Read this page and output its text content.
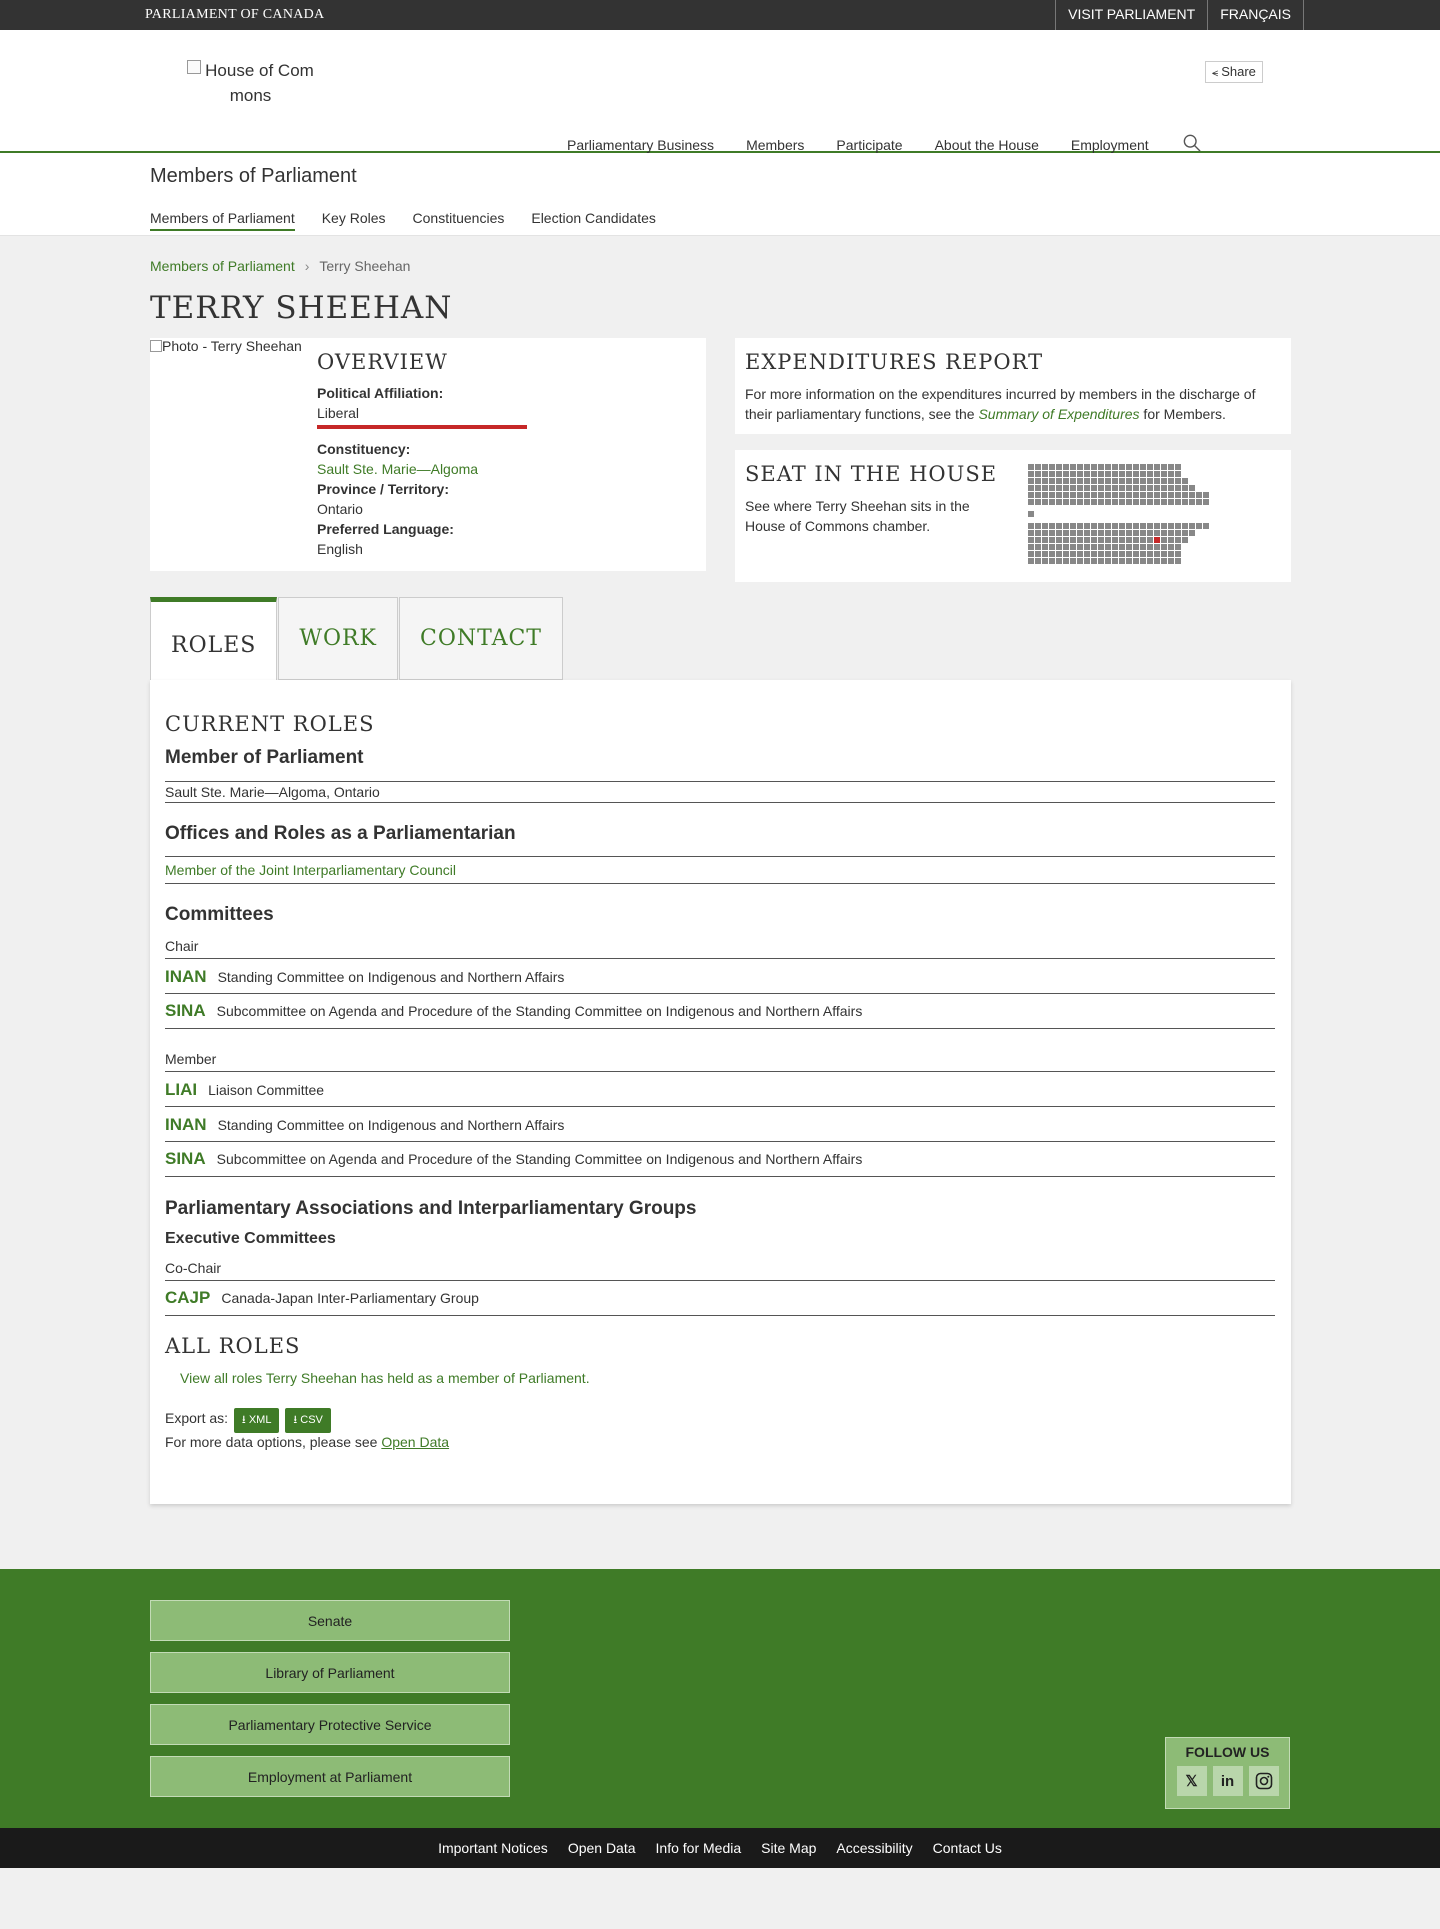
PARLIAMENT OF CANADA	VISIT PARLIAMENT	FRANÇAIS
House of Com mons
⪪ Share
Parliamentary Business Members Participate About the House Employment
Members of Parliament
Members of Parliament Key Roles Constituencies Election Candidates
Members of Parliament › Terry Sheehan
TERRY SHEEHAN
Photo - Terry Sheehan
OVERVIEW
Political Affiliation:
Liberal
Constituency:
Sault Ste. Marie—Algoma
Province / Territory:
Ontario
Preferred Language:
English
EXPENDITURES REPORT

For more information on the expenditures incurred by members in the discharge of their parliamentary functions, see the Summary of Expenditures for Members.

SEAT IN THE HOUSE

See where Terry Sheehan sits in the House of Commons chamber.

ROLES	WORK	CONTACT
CURRENT ROLES
Member of Parliament
Sault Ste. Marie—Algoma, Ontario
Offices and Roles as a Parliamentarian
Member of the Joint Interparliamentary Council
Committees
Chair
INAN Standing Committee on Indigenous and Northern Affairs
SINA Subcommittee on Agenda and Procedure of the Standing Committee on Indigenous and Northern Affairs
Member
LIAI Liaison Committee
INAN Standing Committee on Indigenous and Northern Affairs
SINA Subcommittee on Agenda and Procedure of the Standing Committee on Indigenous and Northern Affairs
Parliamentary Associations and Interparliamentary Groups
Executive Committees
Co-Chair
CAJP Canada-Japan Inter-Parliamentary Group
ALL ROLES
View all roles Terry Sheehan has held as a member of Parliament.
Export as: ⭳ XML ⭳ CSV
For more data options, please see Open Data
Senate
Library of Parliament
Parliamentary Protective Service
Employment at Parliament
FOLLOW US
𝕏	in
Important Notices Open Data Info for Media Site Map Accessibility Contact Us
